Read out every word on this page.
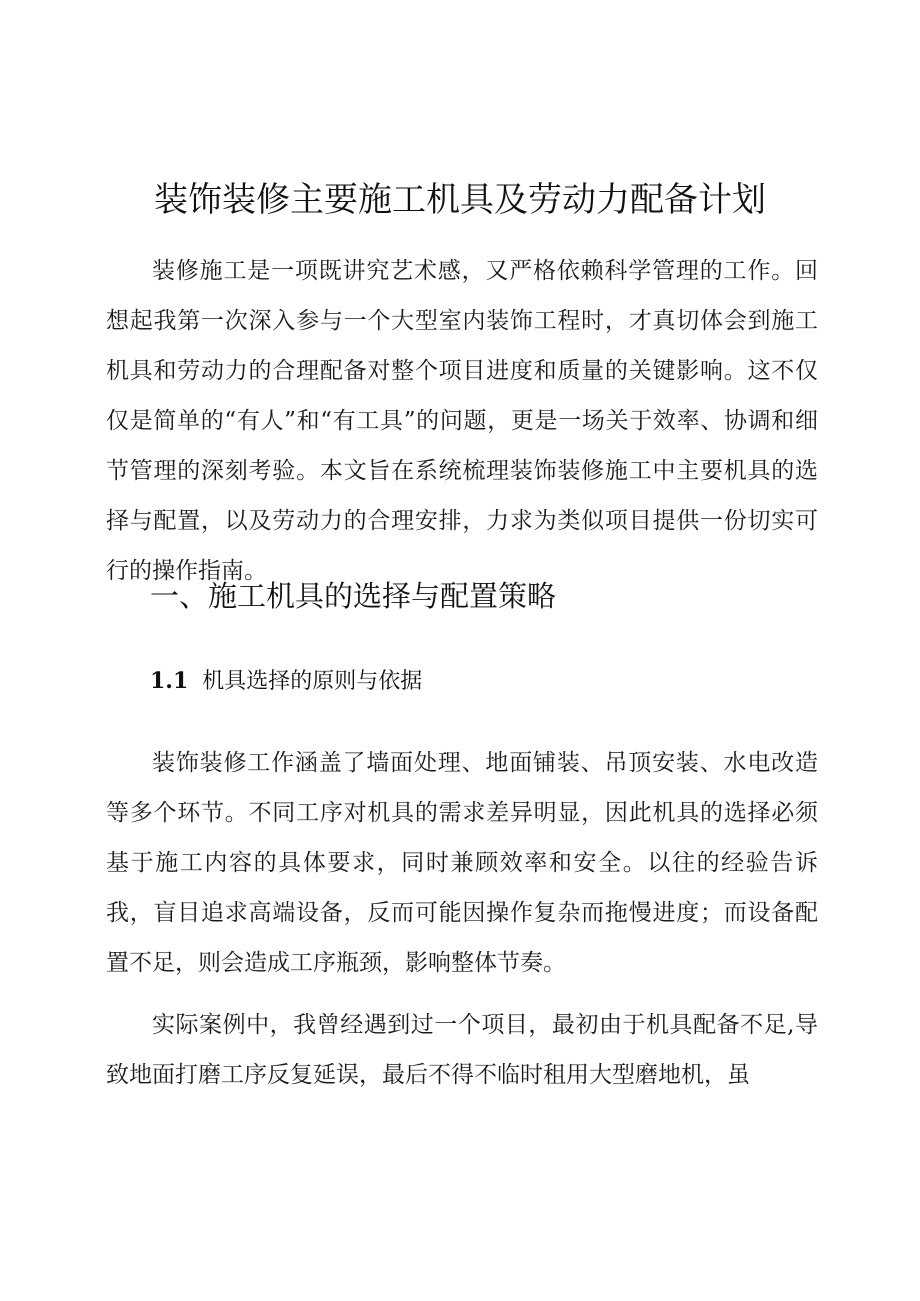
装饰装修主要施工机具及劳动力配备计划

装修施工是一项既讲究艺术感，又严格依赖科学管理的工作。回想起我第一次深入参与一个大型室内装饰工程时，才真切体会到施工机具和劳动力的合理配备对整个项目进度和质量的关键影响。这不仅仅是简单的“有人”和“有工具”的问题，更是一场关于效率、协调和细节管理的深刻考验。本文旨在系统梳理装饰装修施工中主要机具的选择与配置，以及劳动力的合理安排，力求为类似项目提供一份切实可行的操作指南。

一、施工机具的选择与配置策略
1.1 机具选择的原则与依据

装饰装修工作涵盖了墙面处理、地面铺装、吊顶安装、水电改造等多个环节。不同工序对机具的需求差异明显，因此机具的选择必须基于施工内容的具体要求，同时兼顾效率和安全。以往的经验告诉我，盲目追求高端设备，反而可能因操作复杂而拖慢进度；而设备配置不足，则会造成工序瓶颈，影响整体节奏。

实际案例中，我曾经遇到过一个项目，最初由于机具配备不足,导致地面打磨工序反复延误，最后不得不临时租用大型磨地机，虽
